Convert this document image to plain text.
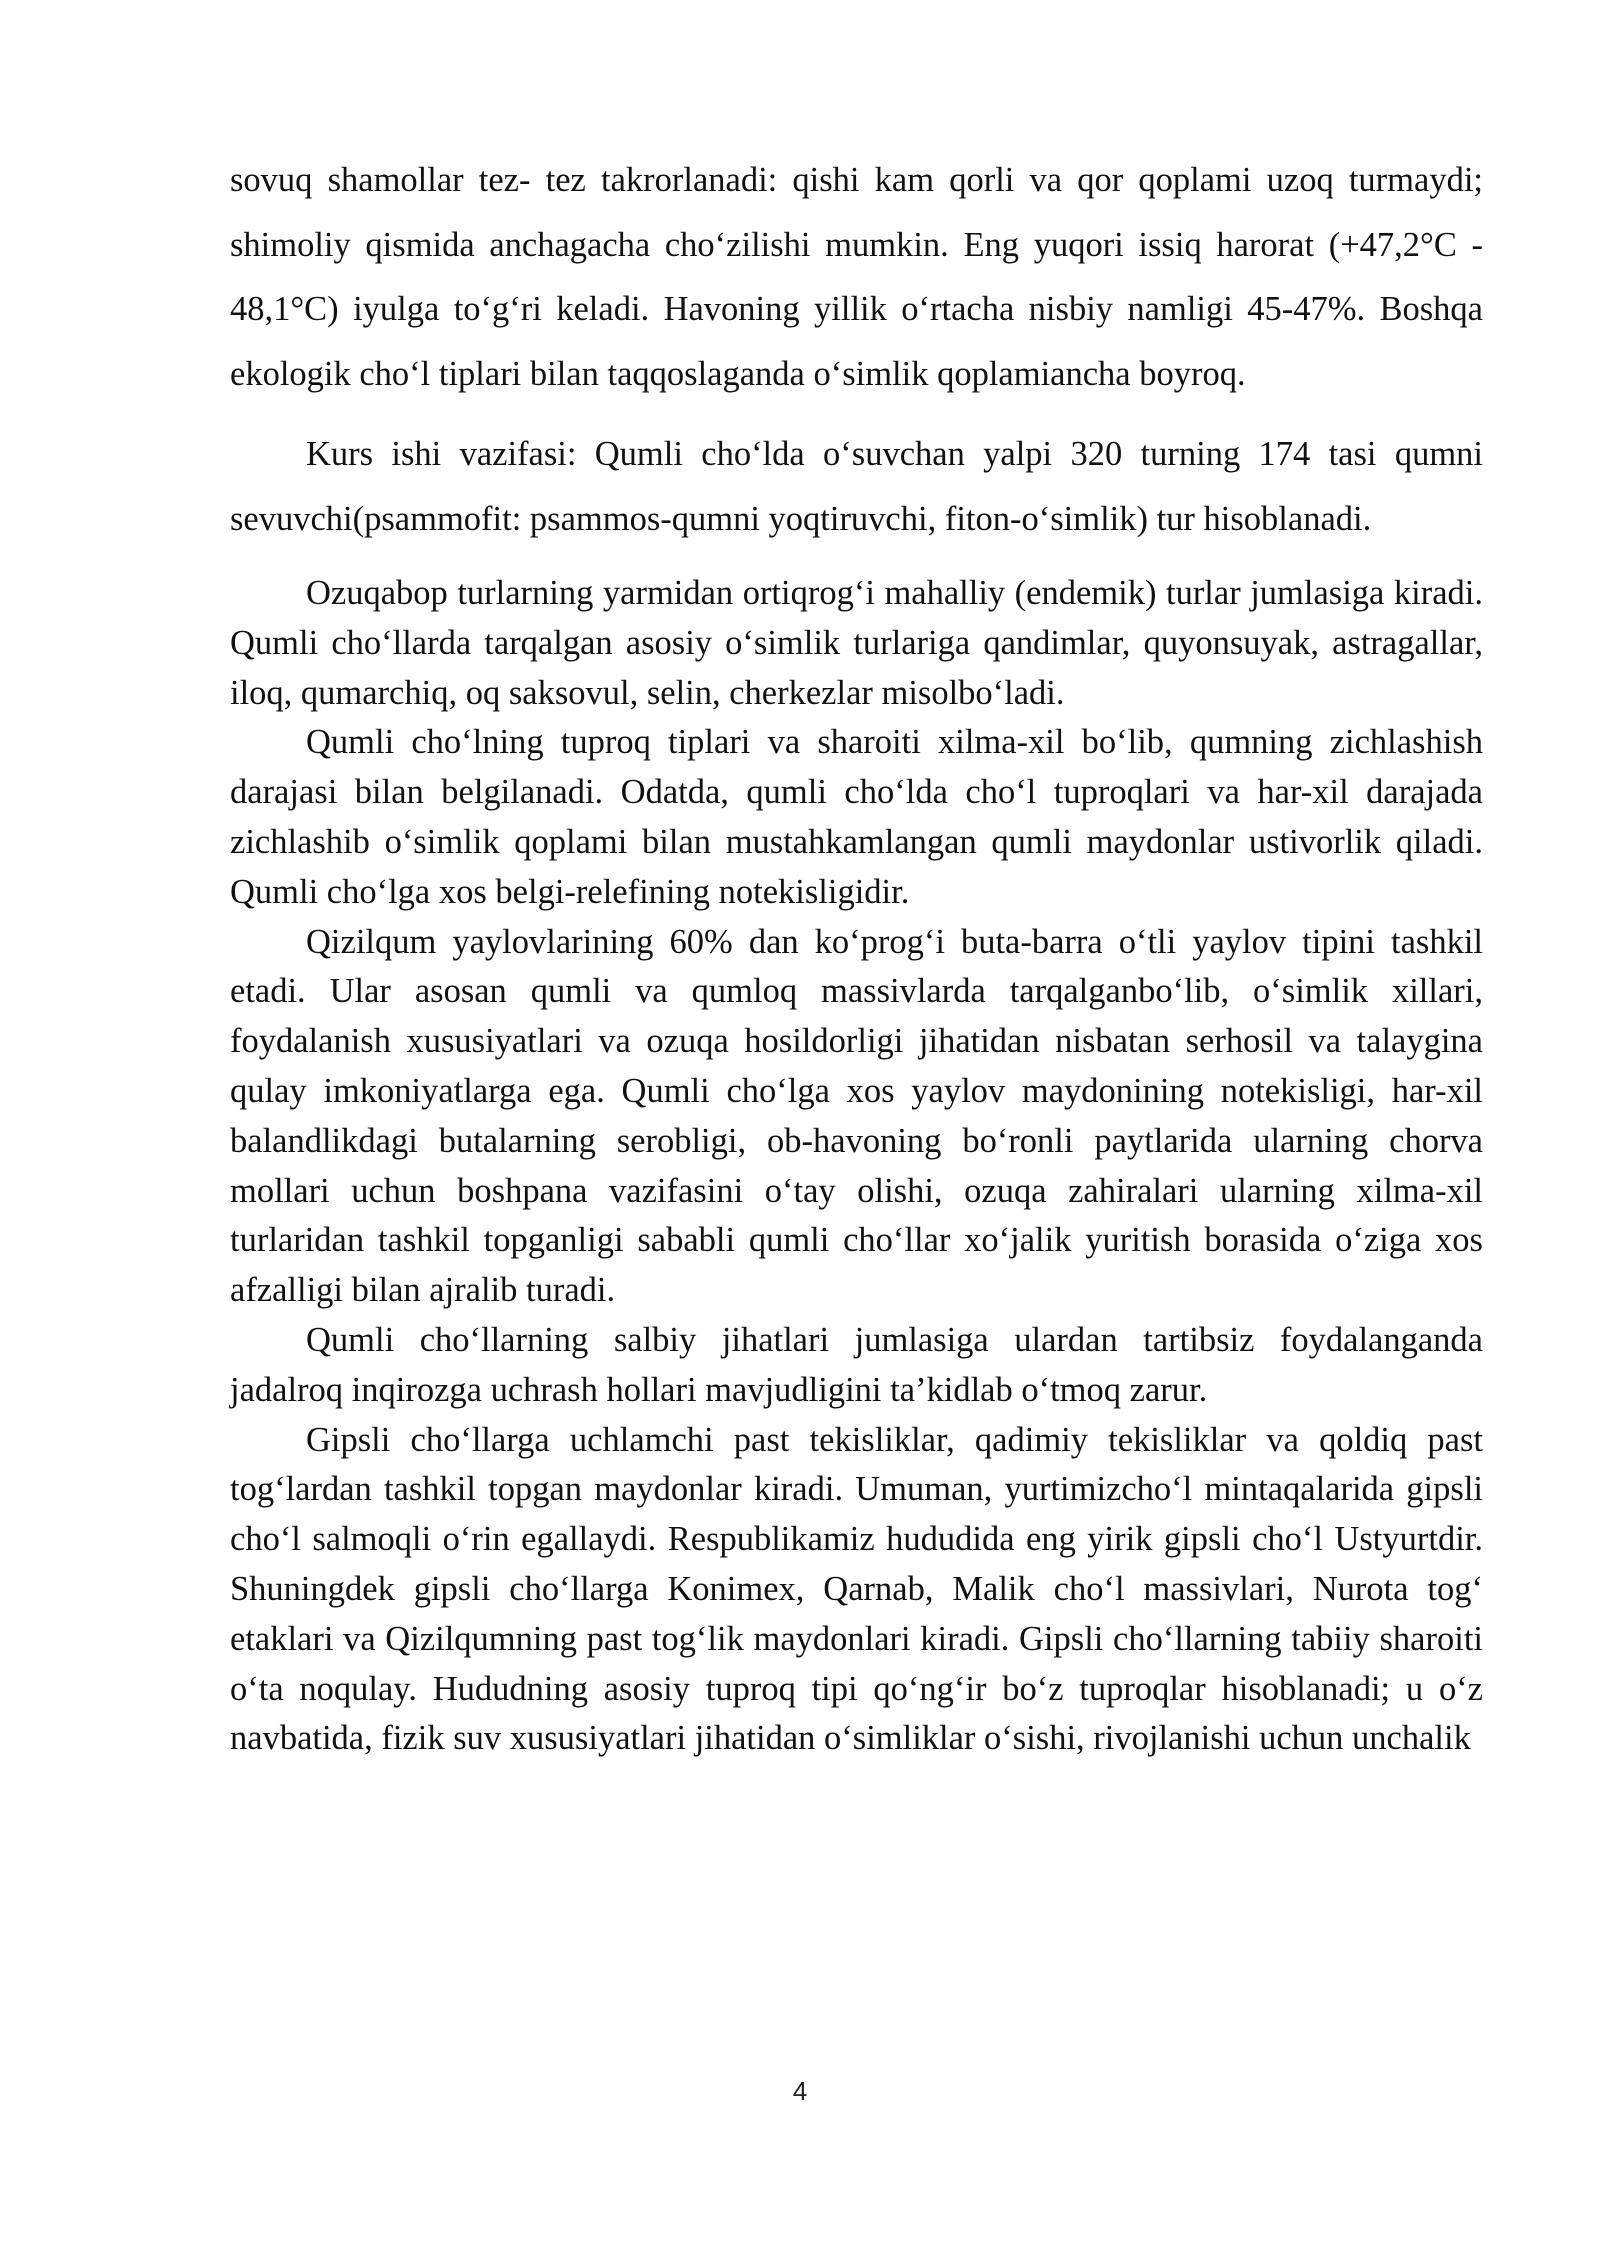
sovuq shamollar tez- tez takrorlanadi: qishi kam qorli va qor qoplami uzoq turmaydi; shimoliy qismida anchagacha cho‘zilishi mumkin. Eng yuqori issiq harorat (+47,2°C - 48,1°C) iyulga to‘g‘ri keladi. Havoning yillik o‘rtacha nisbiy namligi 45-47%. Boshqa ekologik cho‘l tiplari bilan taqqoslaganda o‘simlik qoplamiancha boyroq.

Kurs ishi vazifasi: Qumli cho‘lda o‘suvchan yalpi 320 turning 174 tasi qumni sevuvchi(psammofit: psammos-qumni yoqtiruvchi, fiton-o‘simlik) tur hisoblanadi.

Ozuqabop turlarning yarmidan ortiqrog‘i mahalliy (endemik) turlar jumlasiga kiradi. Qumli cho‘llarda tarqalgan asosiy o‘simlik turlariga qandimlar, quyonsuyak, astragallar, iloq, qumarchiq, oq saksovul, selin, cherkezlar misolbo‘ladi.

Qumli cho‘lning tuproq tiplari va sharoiti xilma-xil bo‘lib, qumning zichlashish darajasi bilan belgilanadi. Odatda, qumli cho‘lda cho‘l tuproqlari va har-xil darajada zichlashib o‘simlik qoplami bilan mustahkamlangan qumli maydonlar ustivorlik qiladi. Qumli cho‘lga xos belgi-relefining notekisligidir.

Qizilqum yaylovlarining 60% dan ko‘prog‘i buta-barra o‘tli yaylov tipini tashkil etadi. Ular asosan qumli va qumloq massivlarda tarqalganbo‘lib, o‘simlik xillari, foydalanish xususiyatlari va ozuqa hosildorligi jihatidan nisbatan serhosil va talaygina qulay imkoniyatlarga ega. Qumli cho‘lga xos yaylov maydonining notekisligi, har-xil balandlikdagi butalarning serobligi, ob-havoning bo‘ronli paytlarida ularning chorva mollari uchun boshpana vazifasini o‘tay olishi, ozuqa zahiralari ularning xilma-xil turlaridan tashkil topganligi sababli qumli cho‘llar xo‘jalik yuritish borasida o‘ziga xos afzalligi bilan ajralib turadi.

Qumli cho‘llarning salbiy jihatlari jumlasiga ulardan tartibsiz foydalanganda jadalroq inqirozga uchrash hollari mavjudligini ta’kidlab o‘tmoq zarur.

Gipsli cho‘llarga uchlamchi past tekisliklar, qadimiy tekisliklar va qoldiq past tog‘lardan tashkil topgan maydonlar kiradi. Umuman, yurtimizcho‘l mintaqalarida gipsli cho‘l salmoqli o‘rin egallaydi. Respublikamiz hududida eng yirik gipsli cho‘l Ustyurtdir. Shuningdek gipsli cho‘llarga Konimex, Qarnab, Malik cho‘l massivlari, Nurota tog‘ etaklari va Qizilqumning past tog‘lik maydonlari kiradi. Gipsli cho‘llarning tabiiy sharoiti o‘ta noqulay. Hududning asosiy tuproq tipi qo‘ng‘ir bo‘z tuproqlar hisoblanadi; u o‘z navbatida, fizik suv xususiyatlari jihatidan o‘simliklar o‘sishi, rivojlanishi uchun unchalik

4
